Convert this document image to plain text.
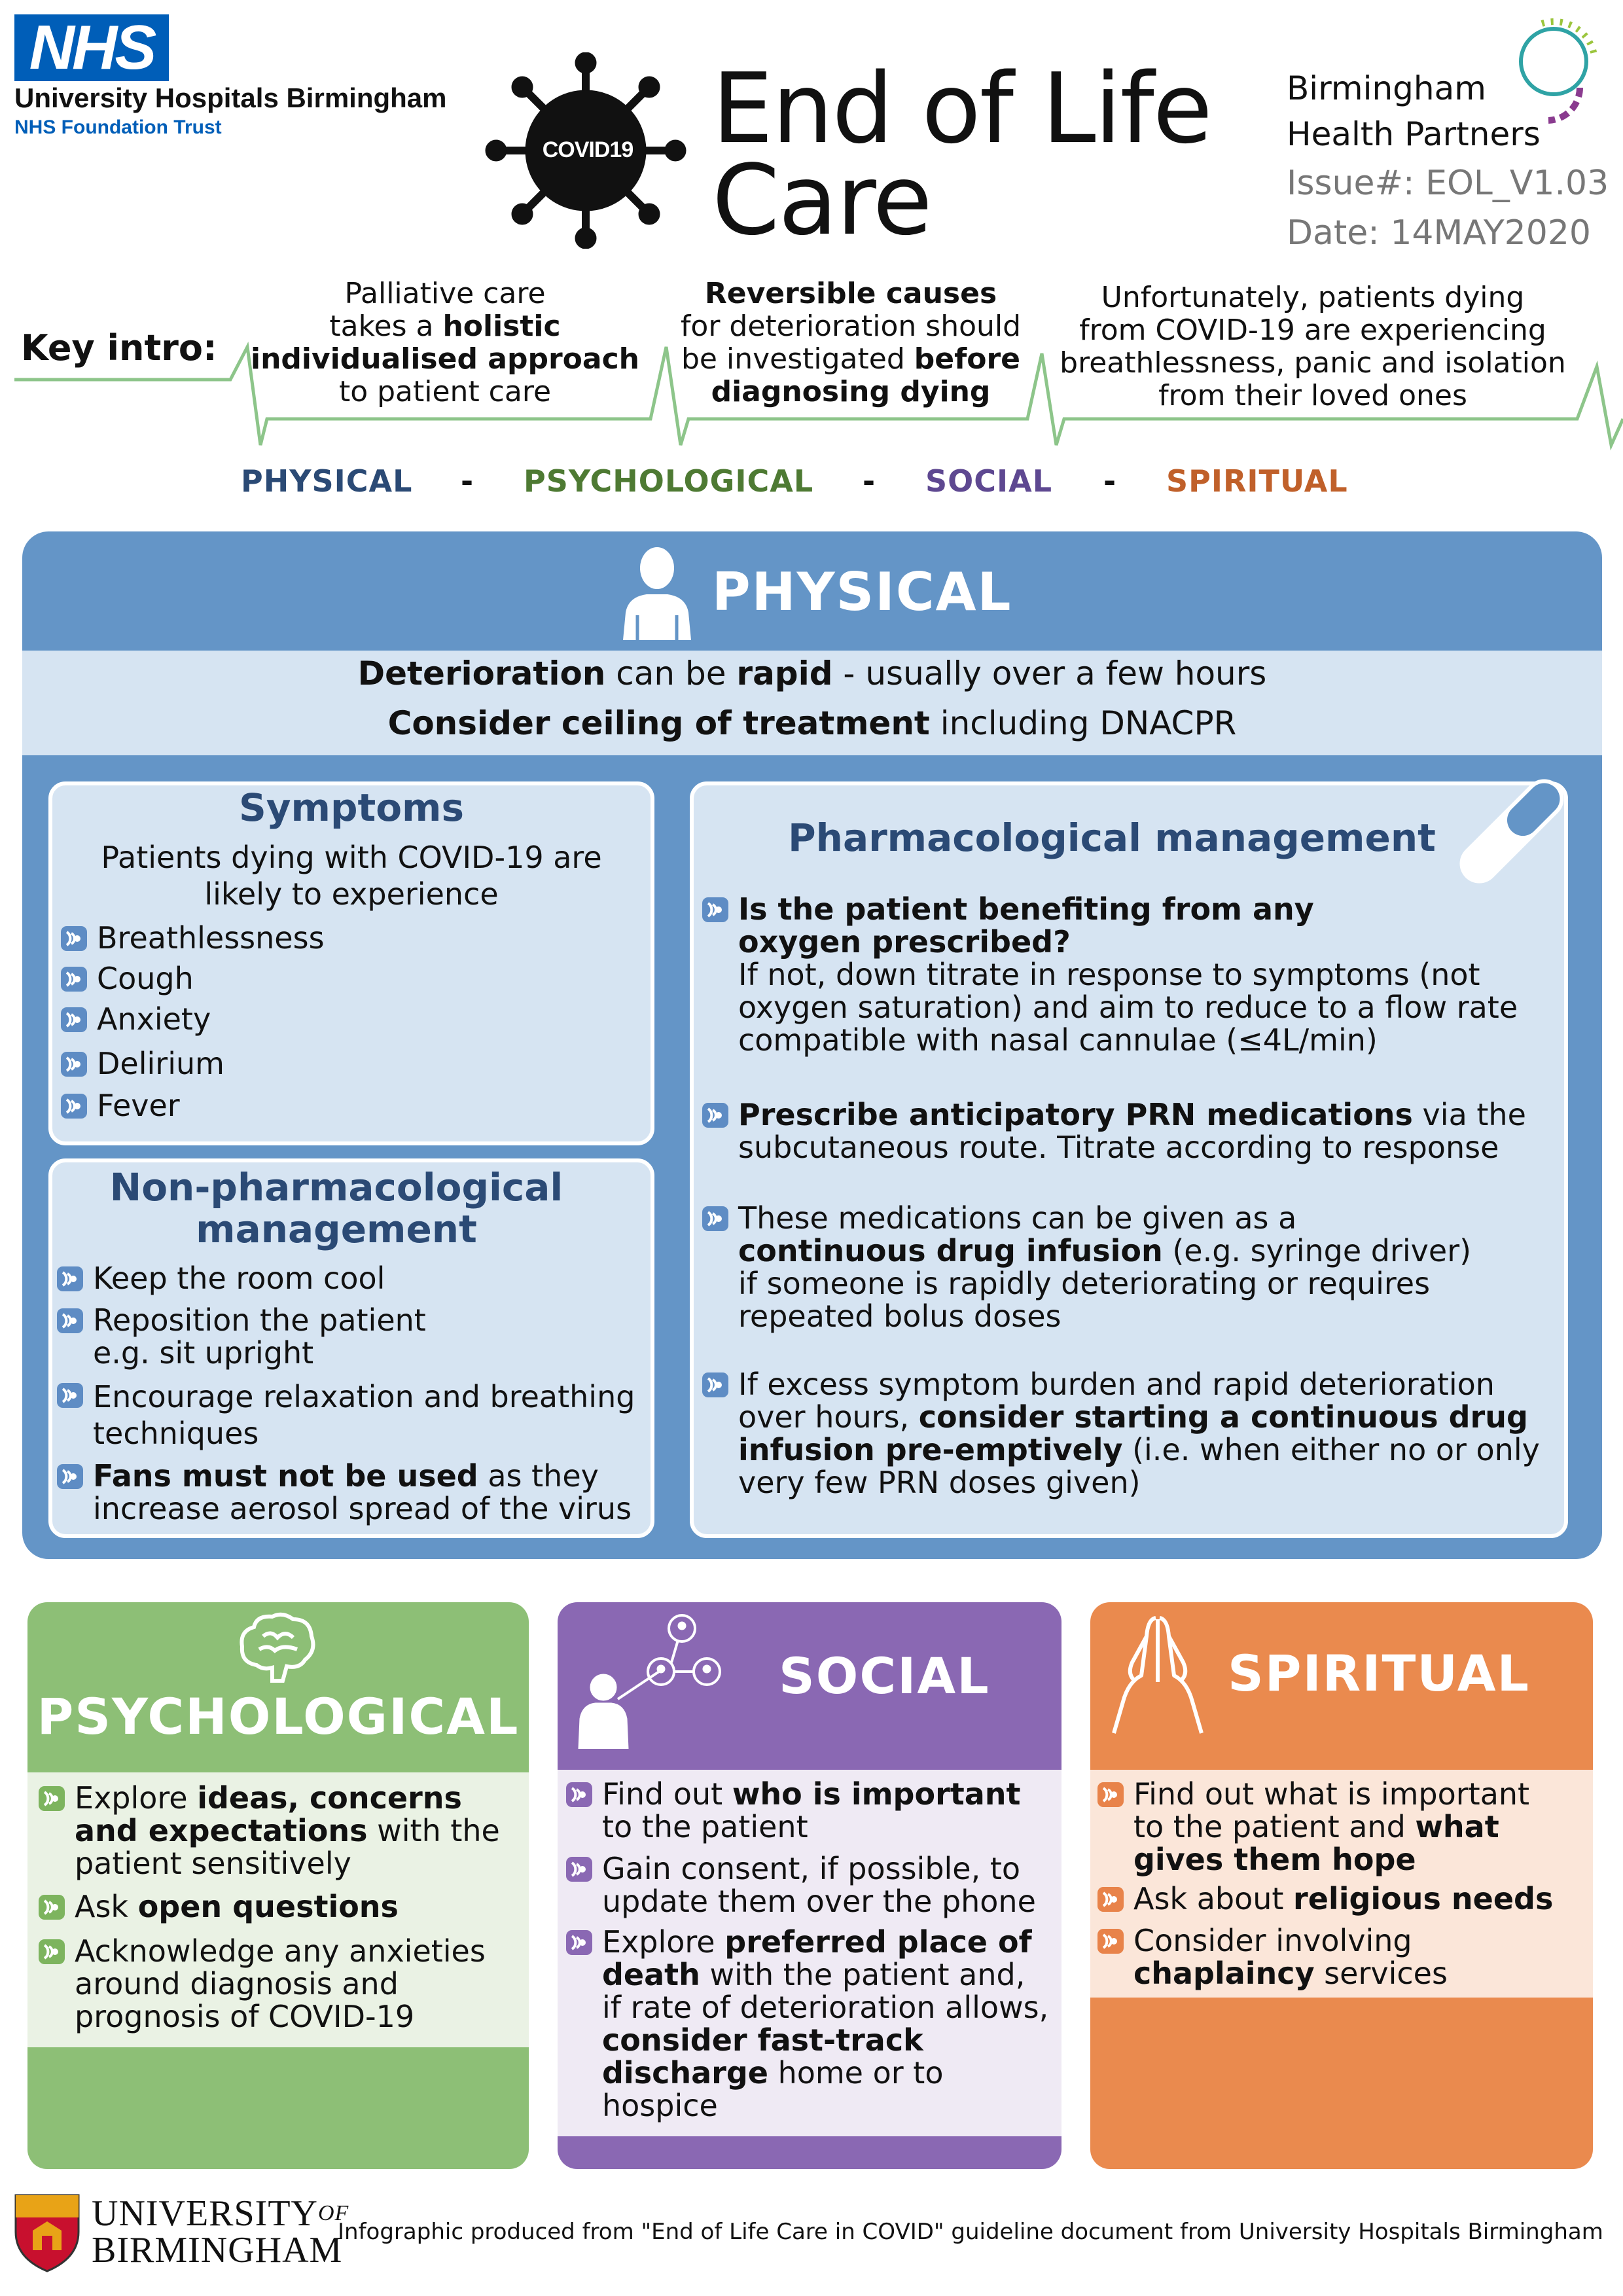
NHS
University Hospitals Birmingham
NHS Foundation Trust
COVID19 End of Life
Care
Birmingham
Health Partners
Issue#: EOL_V1.03
Date: 14MAY2020
Key intro:
Palliative care
takes a holistic
individualised approach
to patient care
Reversible causes
for deterioration should
be investigated before
diagnosing dying
Unfortunately, patients dying
from COVID-19 are experiencing
breathlessness, panic and isolation
from their loved ones
PHYSICAL - PSYCHOLOGICAL - SOCIAL - SPIRITUAL
PHYSICAL
Deterioration can be rapid - usually over a few hours
Consider ceiling of treatment including DNACPR
Symptoms
Patients dying with COVID-19 are
likely to experience
Breathlessness
Cough
Anxiety
Delirium
Fever
Non-pharmacological
management
Keep the room cool
Reposition the patient
e.g. sit upright
Encourage relaxation and breathing
techniques
Fans must not be used as they
increase aerosol spread of the virus
Pharmacological management
Is the patient benefiting from any
oxygen prescribed?
If not, down titrate in response to symptoms (not
oxygen saturation) and aim to reduce to a flow rate
compatible with nasal cannulae (≤4L/min)
Prescribe anticipatory PRN medications via the
subcutaneous route. Titrate according to response
These medications can be given as a
continuous drug infusion (e.g. syringe driver)
if someone is rapidly deteriorating or requires
repeated bolus doses
If excess symptom burden and rapid deterioration
over hours, consider starting a continuous drug
infusion pre-emptively (i.e. when either no or only
very few PRN doses given)
PSYCHOLOGICAL
Explore ideas, concerns
and expectations with the
patient sensitively
Ask open questions
Acknowledge any anxieties
around diagnosis and
prognosis of COVID-19
SOCIAL
Find out who is important
to the patient
Gain consent, if possible, to
update them over the phone
Explore preferred place of
death with the patient and,
if rate of deterioration allows,
consider fast-track
discharge home or to
hospice
SPIRITUAL
Find out what is important
to the patient and what
gives them hope
Ask about religious needs
Consider involving
chaplaincy services
$UNIVERSITY^{OF}$
BIRMINGHAM
Infographic produced from "End of Life Care in COVID" guideline document from University Hospitals Birmingham
